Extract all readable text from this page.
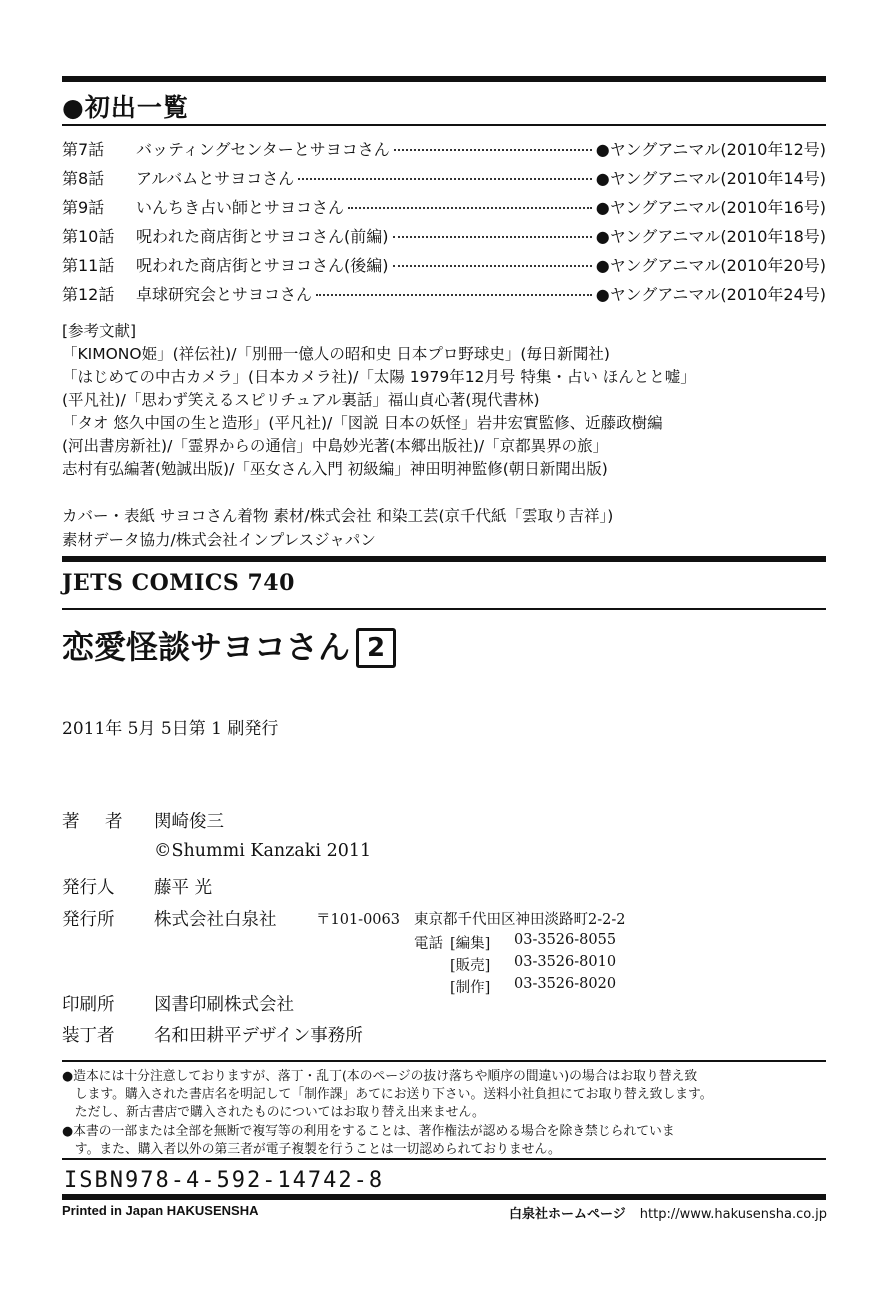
●初出一覧
第7話	バッティングセンターとサヨコさん	●ヤングアニマル(2010年12号)
第8話	アルバムとサヨコさん	●ヤングアニマル(2010年14号)
第9話	いんちき占い師とサヨコさん	●ヤングアニマル(2010年16号)
第10話	呪われた商店街とサヨコさん(前編)	●ヤングアニマル(2010年18号)
第11話	呪われた商店街とサヨコさん(後編)	●ヤングアニマル(2010年20号)
第12話	卓球研究会とサヨコさん	●ヤングアニマル(2010年24号)
[参考文献]
「KIMONO姫」(祥伝社)/「別冊一億人の昭和史 日本プロ野球史」(毎日新聞社)
「はじめての中古カメラ」(日本カメラ社)/「太陽 1979年12月号 特集・占い ほんとと嘘」
(平凡社)/「思わず笑えるスピリチュアル裏話」福山貞心著(現代書林)
「タオ 悠久中国の生と造形」(平凡社)/「図説 日本の妖怪」岩井宏實監修、近藤政樹編
(河出書房新社)/「霊界からの通信」中島妙光著(本郷出版社)/「京都異界の旅」
志村有弘編著(勉誠出版)/「巫女さん入門 初級編」神田明神監修(朝日新聞出版)
カバー・表紙 サヨコさん着物 素材/株式会社 和染工芸(京千代紙「雲取り吉祥」)
素材データ協力/株式会社インプレスジャパン
JETS COMICS 740
恋愛怪談サヨコさん 2
2011年 5月 5日第 1 刷発行
著　者 関崎俊三
©Shummi Kanzaki 2011
発行人 藤平 光
発行所 株式会社白泉社	〒101-0063 東京都千代田区神田淡路町2-2-2
電話 [編集] 03-3526-8055
[販売] 03-3526-8010
[制作] 03-3526-8020
印刷所 図書印刷株式会社
装丁者 名和田耕平デザイン事務所
●造本には十分注意しておりますが、落丁・乱丁(本のページの抜け落ちや順序の間違い)の場合はお取り替え致
　します。購入された書店名を明記して「制作課」あてにお送り下さい。送料小社負担にてお取り替え致します。
　ただし、新古書店で購入されたものについてはお取り替え出来ません。
●本書の一部または全部を無断で複写等の利用をすることは、著作権法が認める場合を除き禁じられていま
　す。また、購入者以外の第三者が電子複製を行うことは一切認められておりません。
ISBN978-4-592-14742-8
Printed in Japan HAKUSENSHA	白泉社ホームページ http://www.hakusensha.co.jp
